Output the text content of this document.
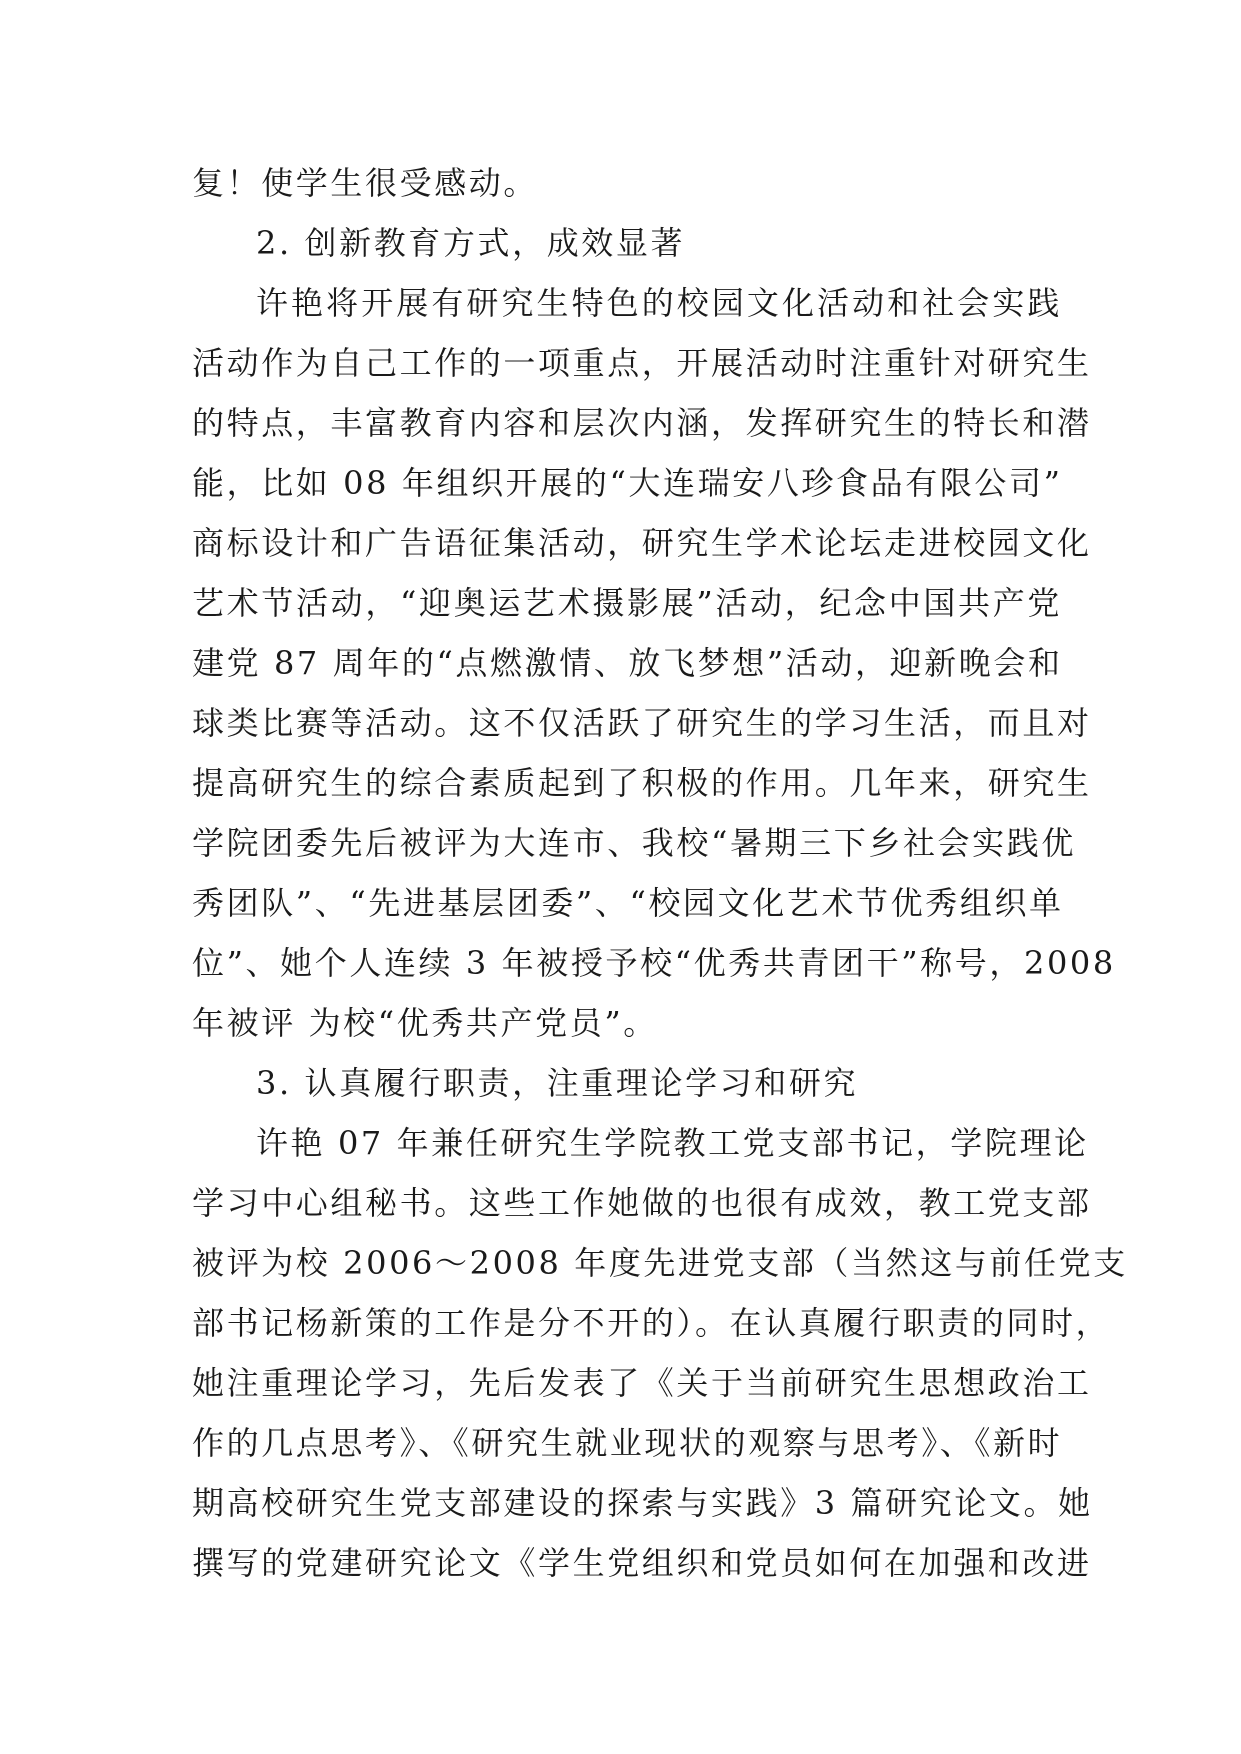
复！使学生很受感动。
2. 创新教育方式，成效显著
许艳将开展有研究生特色的校园文化活动和社会实践
活动作为自己工作的一项重点，开展活动时注重针对研究生
的特点，丰富教育内容和层次内涵，发挥研究生的特长和潜
能，比如 08 年组织开展的“大连瑞安八珍食品有限公司”
商标设计和广告语征集活动，研究生学术论坛走进校园文化
艺术节活动，“迎奥运艺术摄影展”活动，纪念中国共产党
建党 87 周年的“点燃激情、放飞梦想”活动，迎新晚会和
球类比赛等活动。这不仅活跃了研究生的学习生活，而且对
提高研究生的综合素质起到了积极的作用。几年来，研究生
学院团委先后被评为大连市、我校“暑期三下乡社会实践优
秀团队”、“先进基层团委”、“校园文化艺术节优秀组织单
位”、她个人连续 3 年被授予校“优秀共青团干”称号，2008
年被评 为校“优秀共产党员”。
3. 认真履行职责，注重理论学习和研究
许艳 07 年兼任研究生学院教工党支部书记，学院理论
学习中心组秘书。这些工作她做的也很有成效，教工党支部
被评为校 2006～2008 年度先进党支部（当然这与前任党支
部书记杨新策的工作是分不开的）。在认真履行职责的同时，
她注重理论学习，先后发表了《关于当前研究生思想政治工
作的几点思考》、《研究生就业现状的观察与思考》、《新时
期高校研究生党支部建设的探索与实践》3 篇研究论文。她
撰写的党建研究论文《学生党组织和党员如何在加强和改进
